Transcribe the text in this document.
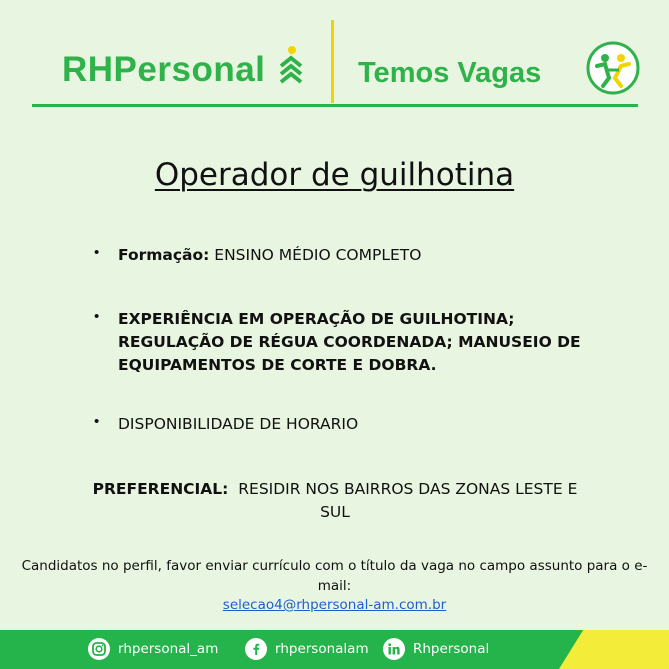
RHPersonal	Temos Vagas
Operador de guilhotina
• Formação: ENSINO MÉDIO COMPLETO
• EXPERIÊNCIA EM OPERAÇÃO DE GUILHOTINA; REGULAÇÃO DE RÉGUA COORDENADA; MANUSEIO DE EQUIPAMENTOS DE CORTE E DOBRA.
• DISPONIBILIDADE DE HORARIO
PREFERENCIAL: RESIDIR NOS BAIRROS DAS ZONAS LESTE E SUL
Candidatos no perfil, favor enviar currículo com o título da vaga no campo assunto para o e-mail:
selecao4@rhpersonal-am.com.br
rhpersonal_am	rhpersonalam	Rhpersonal
